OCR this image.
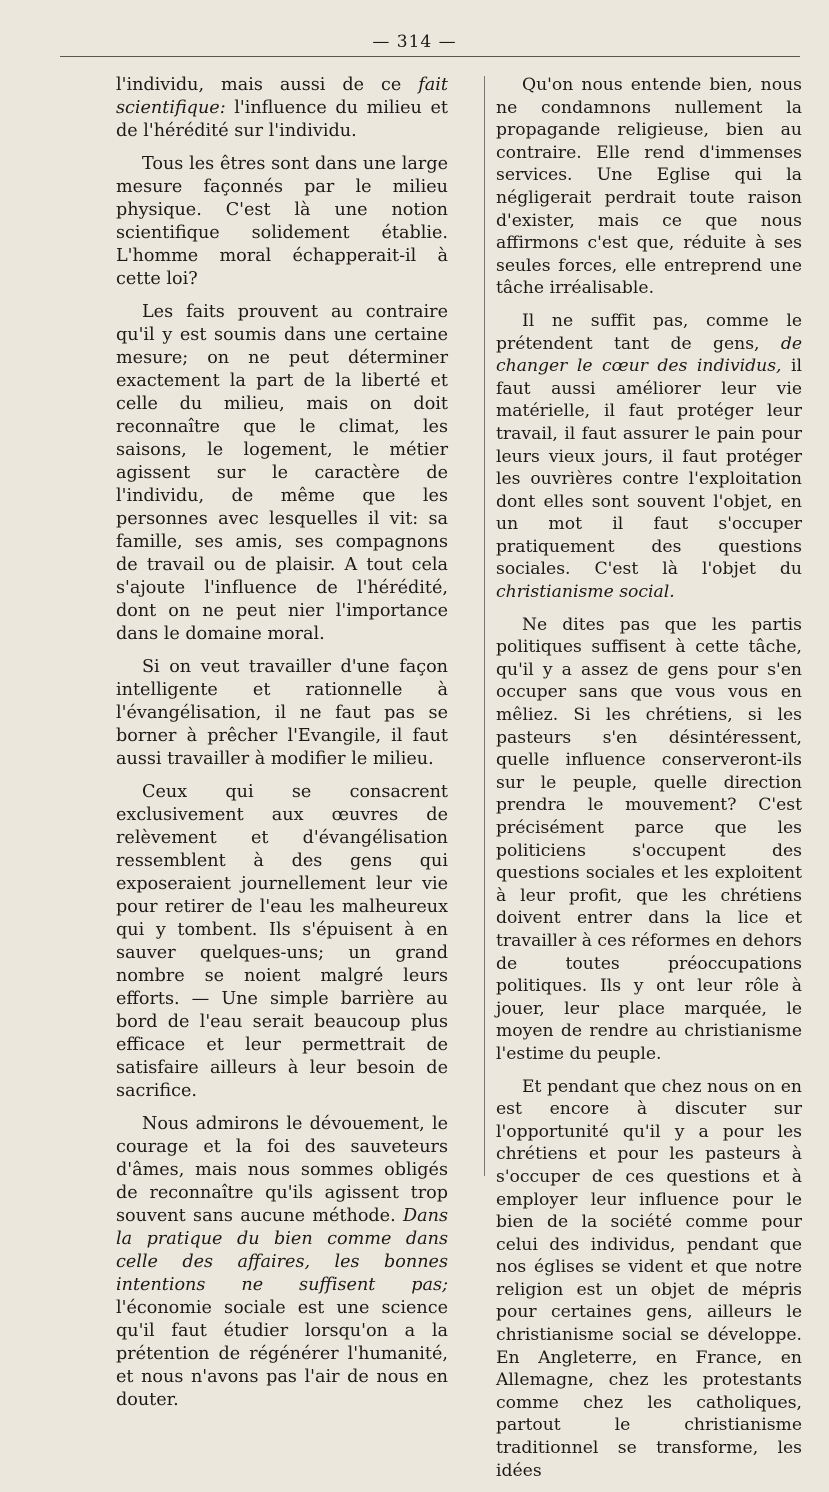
— 314 —

l'individu, mais aussi de ce fait scientifique: l'influence du milieu et de l'hérédité sur l'individu.

Tous les êtres sont dans une large mesure façonnés par le milieu physique. C'est là une notion scientifique solidement établie. L'homme moral échapperait-il à cette loi?

Les faits prouvent au contraire qu'il y est soumis dans une certaine mesure; on ne peut déterminer exactement la part de la liberté et celle du milieu, mais on doit reconnaître que le climat, les saisons, le logement, le métier agissent sur le caractère de l'individu, de même que les personnes avec lesquelles il vit: sa famille, ses amis, ses compagnons de travail ou de plaisir. A tout cela s'ajoute l'influence de l'hérédité, dont on ne peut nier l'importance dans le domaine moral.

Si on veut travailler d'une façon intelligente et rationnelle à l'évangélisation, il ne faut pas se borner à prêcher l'Evangile, il faut aussi travailler à modifier le milieu.

Ceux qui se consacrent exclusivement aux œuvres de relèvement et d'évangélisation ressemblent à des gens qui exposeraient journellement leur vie pour retirer de l'eau les malheureux qui y tombent. Ils s'épuisent à en sauver quelques-uns; un grand nombre se noient malgré leurs efforts. — Une simple barrière au bord de l'eau serait beaucoup plus efficace et leur permettrait de satisfaire ailleurs à leur besoin de sacrifice.

Nous admirons le dévouement, le courage et la foi des sauveteurs d'âmes, mais nous sommes obligés de reconnaître qu'ils agissent trop souvent sans aucune méthode. Dans la pratique du bien comme dans celle des affaires, les bonnes intentions ne suffisent pas; l'économie sociale est une science qu'il faut étudier lorsqu'on a la prétention de régénérer l'humanité, et nous n'avons pas l'air de nous en douter.

Qu'on nous entende bien, nous ne condamnons nullement la propagande religieuse, bien au contraire. Elle rend d'immenses services. Une Eglise qui la négligerait perdrait toute raison d'exister, mais ce que nous affirmons c'est que, réduite à ses seules forces, elle entreprend une tâche irréalisable.

Il ne suffit pas, comme le prétendent tant de gens, de changer le cœur des individus, il faut aussi améliorer leur vie matérielle, il faut protéger leur travail, il faut assurer le pain pour leurs vieux jours, il faut protéger les ouvrières contre l'exploitation dont elles sont souvent l'objet, en un mot il faut s'occuper pratiquement des questions sociales. C'est là l'objet du christianisme social.

Ne dites pas que les partis politiques suffisent à cette tâche, qu'il y a assez de gens pour s'en occuper sans que vous vous en mêliez. Si les chrétiens, si les pasteurs s'en désintéressent, quelle influence conserveront-ils sur le peuple, quelle direction prendra le mouvement? C'est précisément parce que les politiciens s'occupent des questions sociales et les exploitent à leur profit, que les chrétiens doivent entrer dans la lice et travailler à ces réformes en dehors de toutes préoccupations politiques. Ils y ont leur rôle à jouer, leur place marquée, le moyen de rendre au christianisme l'estime du peuple.

Et pendant que chez nous on en est encore à discuter sur l'opportunité qu'il y a pour les chrétiens et pour les pasteurs à s'occuper de ces questions et à employer leur influence pour le bien de la société comme pour celui des individus, pendant que nos églises se vident et que notre religion est un objet de mépris pour certaines gens, ailleurs le christianisme social se développe. En Angleterre, en France, en Allemagne, chez les protestants comme chez les catholiques, partout le christianisme traditionnel se transforme, les idées
